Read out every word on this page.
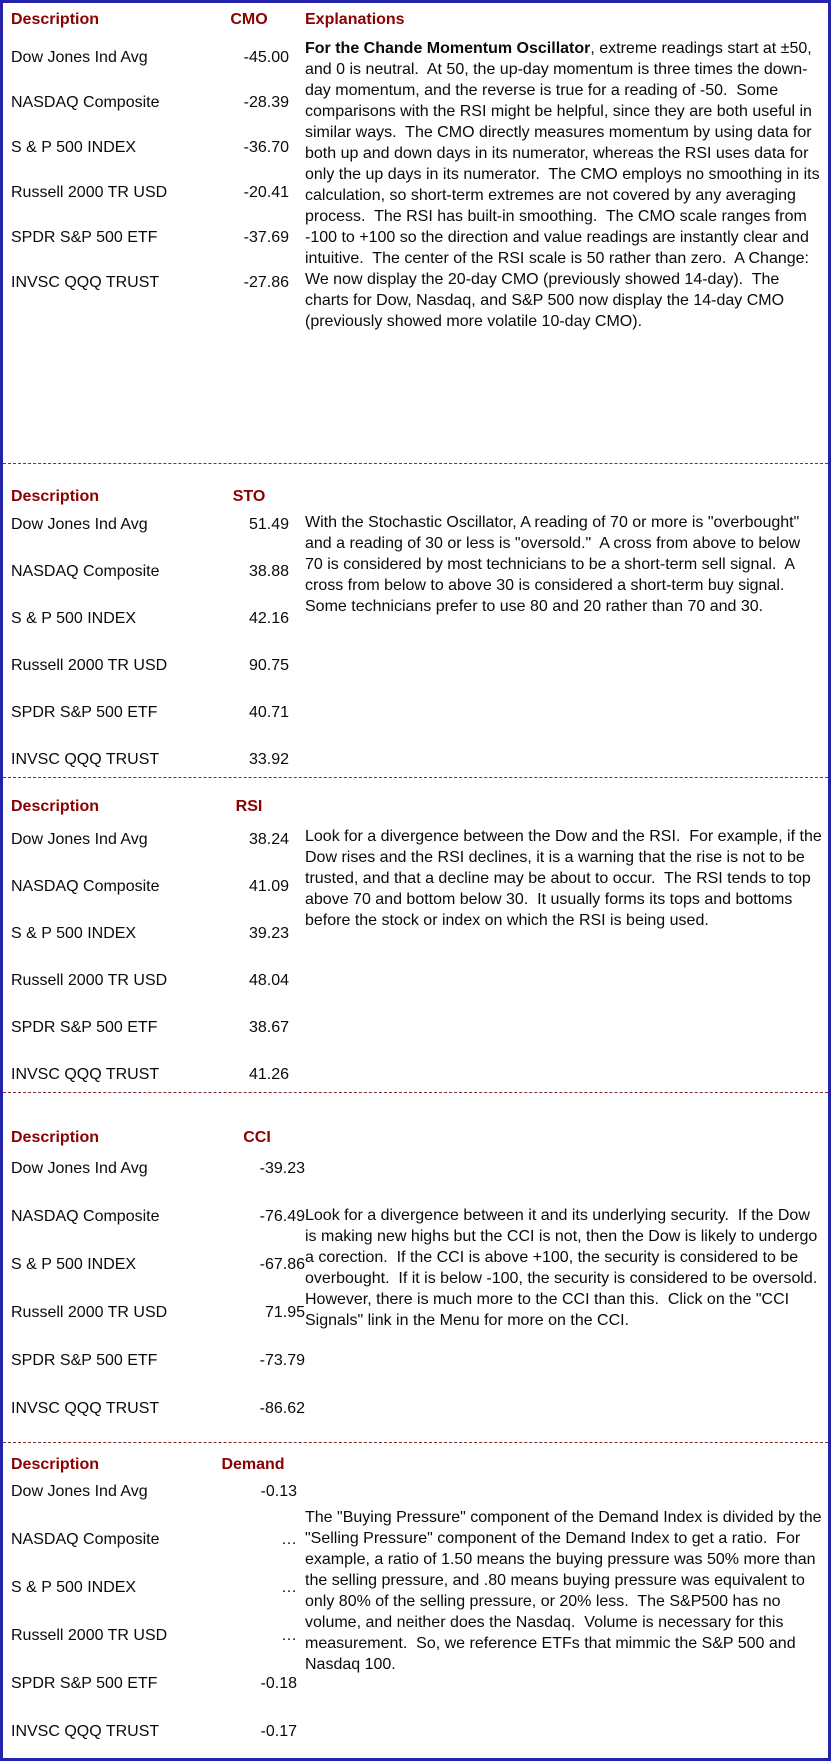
Description	CMO
Dow Jones Ind Avg	-45.00
NASDAQ Composite	-28.39
S & P 500 INDEX	-36.70
Russell 2000 TR USD	-20.41
SPDR S&P 500 ETF	-37.69
INVSC QQQ TRUST	-27.86
Explanations

For the Chande Momentum Oscillator, extreme readings start at ±50, and 0 is neutral.  At 50, the up-day momentum is three times the down-day momentum, and the reverse is true for a reading of -50.  Some comparisons with the RSI might be helpful, since they are both useful in similar ways.  The CMO directly measures momentum by using data for both up and down days in its numerator, whereas the RSI uses data for only the up days in its numerator.  The CMO employs no smoothing in its calculation, so short-term extremes are not covered by any averaging process.  The RSI has built-in smoothing.  The CMO scale ranges from -100 to +100 so the direction and value readings are instantly clear and intuitive.  The center of the RSI scale is 50 rather than zero.  A Change: We now display the 20-day CMO (previously showed 14-day).  The charts for Dow, Nasdaq, and S&P 500 now display the 14-day CMO (previously showed more volatile 10-day CMO).

Description	STO
Dow Jones Ind Avg	51.49
NASDAQ Composite	38.88
S & P 500 INDEX	42.16
Russell 2000 TR USD	90.75
SPDR S&P 500 ETF	40.71
INVSC QQQ TRUST	33.92

With the Stochastic Oscillator, A reading of 70 or more is "overbought" and a reading of 30 or less is "oversold."  A cross from above to below 70 is considered by most technicians to be a short-term sell signal.  A cross from below to above 30 is considered a short-term buy signal.  Some technicians prefer to use 80 and 20 rather than 70 and 30.

Description	RSI
Dow Jones Ind Avg	38.24
NASDAQ Composite	41.09
S & P 500 INDEX	39.23
Russell 2000 TR USD	48.04
SPDR S&P 500 ETF	38.67
INVSC QQQ TRUST	41.26

Look for a divergence between the Dow and the RSI.  For example, if the Dow rises and the RSI declines, it is a warning that the rise is not to be trusted, and that a decline may be about to occur.  The RSI tends to top above 70 and bottom below 30.  It usually forms its tops and bottoms before the stock or index on which the RSI is being used.

Description	CCI
Dow Jones Ind Avg	-39.23
NASDAQ Composite	-76.49
S & P 500 INDEX	-67.86
Russell 2000 TR USD	71.95
SPDR S&P 500 ETF	-73.79
INVSC QQQ TRUST	-86.62

Look for a divergence between it and its underlying security.  If the Dow is making new highs but the CCI is not, then the Dow is likely to undergo a corection.  If the CCI is above +100, the security is considered to be overbought.  If it is below -100, the security is considered to be oversold.  However, there is much more to the CCI than this.  Click on the "CCI Signals" link in the Menu for more on the CCI.

Description	Demand
Dow Jones Ind Avg	-0.13
NASDAQ Composite	…
S & P 500 INDEX	…
Russell 2000 TR USD	…
SPDR S&P 500 ETF	-0.18
INVSC QQQ TRUST	-0.17

The "Buying Pressure" component of the Demand Index is divided by the "Selling Pressure" component of the Demand Index to get a ratio.  For example, a ratio of 1.50 means the buying pressure was 50% more than the selling pressure, and .80 means buying pressure was equivalent to only 80% of the selling pressure, or 20% less.  The S&P500 has no volume, and neither does the Nasdaq.  Volume is necessary for this measurement.  So, we reference ETFs that mimmic the S&P 500 and Nasdaq 100.
